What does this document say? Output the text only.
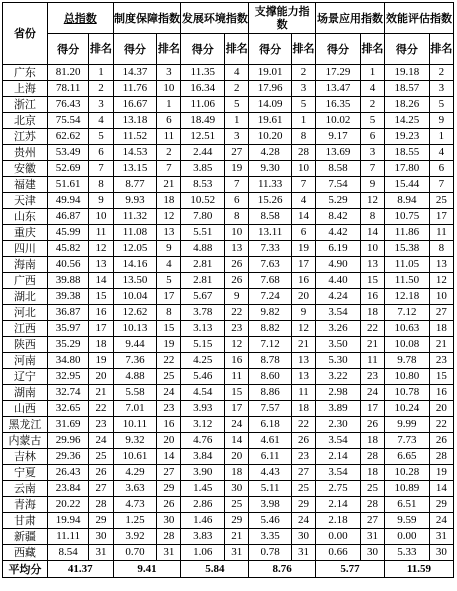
省份	总指数		制度保障指数		发展环境指数		支撑能力指数		场景应用指数		效能评估指数	
	得分	排名	得分	排名	得分	排名	得分	排名	得分	排名	得分	排名
广东	81.20	1	14.37	3	11.35	4	19.01	2	17.29	1	19.18	2
上海	78.11	2	11.76	10	16.34	2	17.96	3	13.47	4	18.57	3
浙江	76.43	3	16.67	1	11.06	5	14.09	5	16.35	2	18.26	5
北京	75.54	4	13.18	6	18.49	1	19.61	1	10.02	5	14.25	9
江苏	62.62	5	11.52	11	12.51	3	10.20	8	9.17	6	19.23	1
贵州	53.49	6	14.53	2	2.44	27	4.28	28	13.69	3	18.55	4
安徽	52.69	7	13.15	7	3.85	19	9.30	10	8.58	7	17.80	6
福建	51.61	8	8.77	21	8.53	7	11.33	7	7.54	9	15.44	7
天津	49.94	9	9.93	18	10.52	6	15.26	4	5.29	12	8.94	25
山东	46.87	10	11.32	12	7.80	8	8.58	14	8.42	8	10.75	17
重庆	45.99	11	11.08	13	5.51	10	13.11	6	4.42	14	11.86	11
四川	45.82	12	12.05	9	4.88	13	7.33	19	6.19	10	15.38	8
海南	40.56	13	14.16	4	2.81	26	7.63	17	4.90	13	11.05	13
广西	39.88	14	13.50	5	2.81	26	7.68	16	4.40	15	11.50	12
湖北	39.38	15	10.04	17	5.67	9	7.24	20	4.24	16	12.18	10
河北	36.87	16	12.62	8	3.78	22	9.82	9	3.54	18	7.12	27
江西	35.97	17	10.13	15	3.13	23	8.82	12	3.26	22	10.63	18
陕西	35.29	18	9.44	19	5.15	12	7.12	21	3.50	21	10.08	21
河南	34.80	19	7.36	22	4.25	16	8.78	13	5.30	11	9.78	23
辽宁	32.95	20	4.88	25	5.46	11	8.60	13	3.22	23	10.80	15
湖南	32.74	21	5.58	24	4.54	15	8.86	11	2.98	24	10.78	16
山西	32.65	22	7.01	23	3.93	17	7.57	18	3.89	17	10.24	20
黑龙江	31.69	23	10.11	16	3.12	24	6.18	22	2.30	26	9.99	22
内蒙古	29.96	24	9.32	20	4.76	14	4.61	26	3.54	18	7.73	26
吉林	29.36	25	10.61	14	3.84	20	6.11	23	2.14	28	6.65	28
宁夏	26.43	26	4.29	27	3.90	18	4.43	27	3.54	18	10.28	19
云南	23.84	27	3.63	29	1.45	30	5.11	25	2.75	25	10.89	14
青海	20.22	28	4.73	26	2.86	25	3.98	29	2.14	28	6.51	29
甘肃	19.94	29	1.25	30	1.46	29	5.46	24	2.18	27	9.59	24
新疆	11.11	30	3.92	28	3.83	21	3.35	30	0.00	31	0.00	31
西藏	8.54	31	0.70	31	1.06	31	0.78	31	0.66	30	5.33	30
平均分	41.37		9.41		5.84		8.76		5.77		11.59	
